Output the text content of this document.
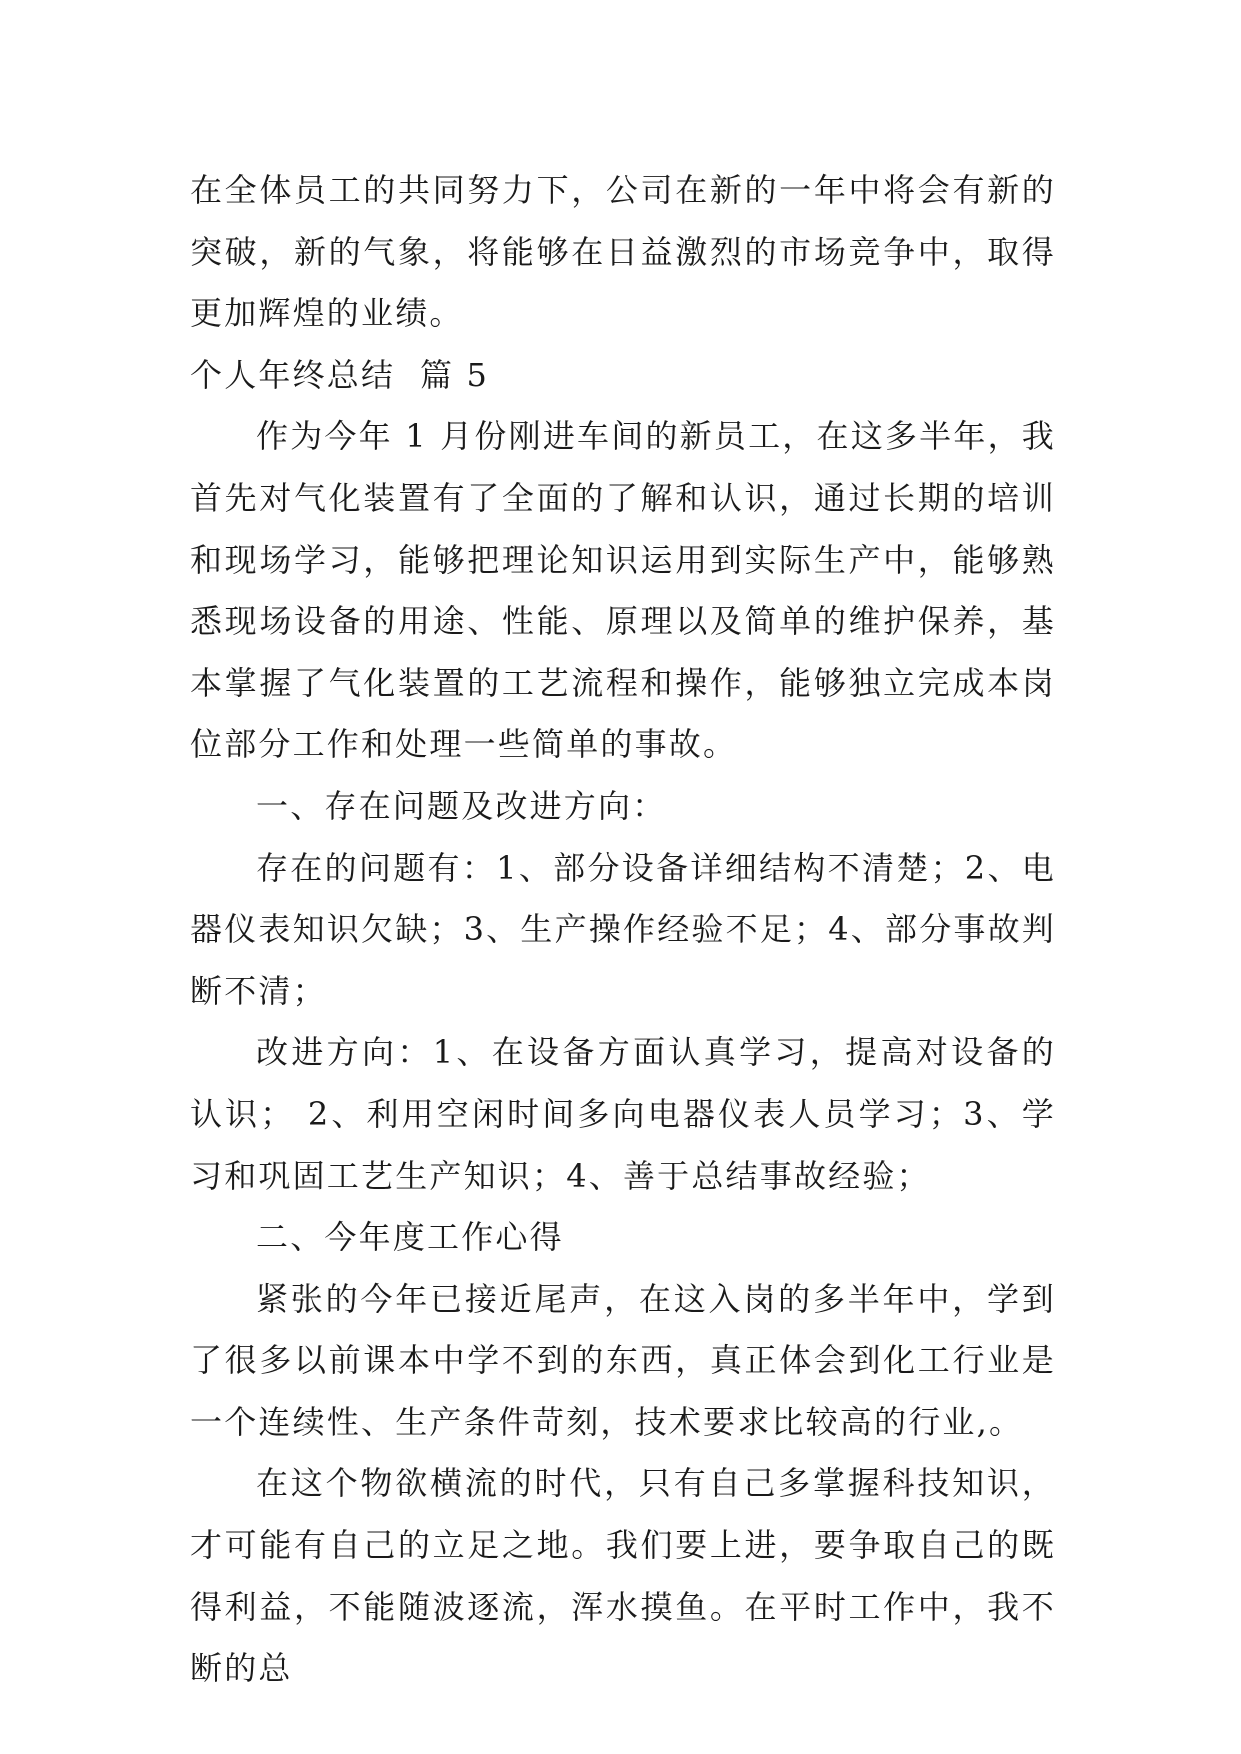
在全体员工的共同努力下，公司在新的一年中将会有新的突破，新的气象，将能够在日益激烈的市场竞争中，取得更加辉煌的业绩。

个人年终总结  篇 5

作为今年 1 月份刚进车间的新员工，在这多半年，我首先对气化装置有了全面的了解和认识，通过长期的培训和现场学习，能够把理论知识运用到实际生产中，能够熟悉现场设备的用途、性能、原理以及简单的维护保养，基本掌握了气化装置的工艺流程和操作，能够独立完成本岗位部分工作和处理一些简单的事故。

一、存在问题及改进方向：

存在的问题有：1、部分设备详细结构不清楚；2、电器仪表知识欠缺；3、生产操作经验不足；4、部分事故判断不清；

改进方向：1、在设备方面认真学习，提高对设备的认识； 2、利用空闲时间多向电器仪表人员学习；3、学习和巩固工艺生产知识；4、善于总结事故经验；

二、今年度工作心得

紧张的今年已接近尾声，在这入岗的多半年中，学到了很多以前课本中学不到的东西，真正体会到化工行业是一个连续性、生产条件苛刻，技术要求比较高的行业,。

在这个物欲横流的时代，只有自己多掌握科技知识，才可能有自己的立足之地。我们要上进，要争取自己的既得利益，不能随波逐流，浑水摸鱼。在平时工作中，我不断的总
